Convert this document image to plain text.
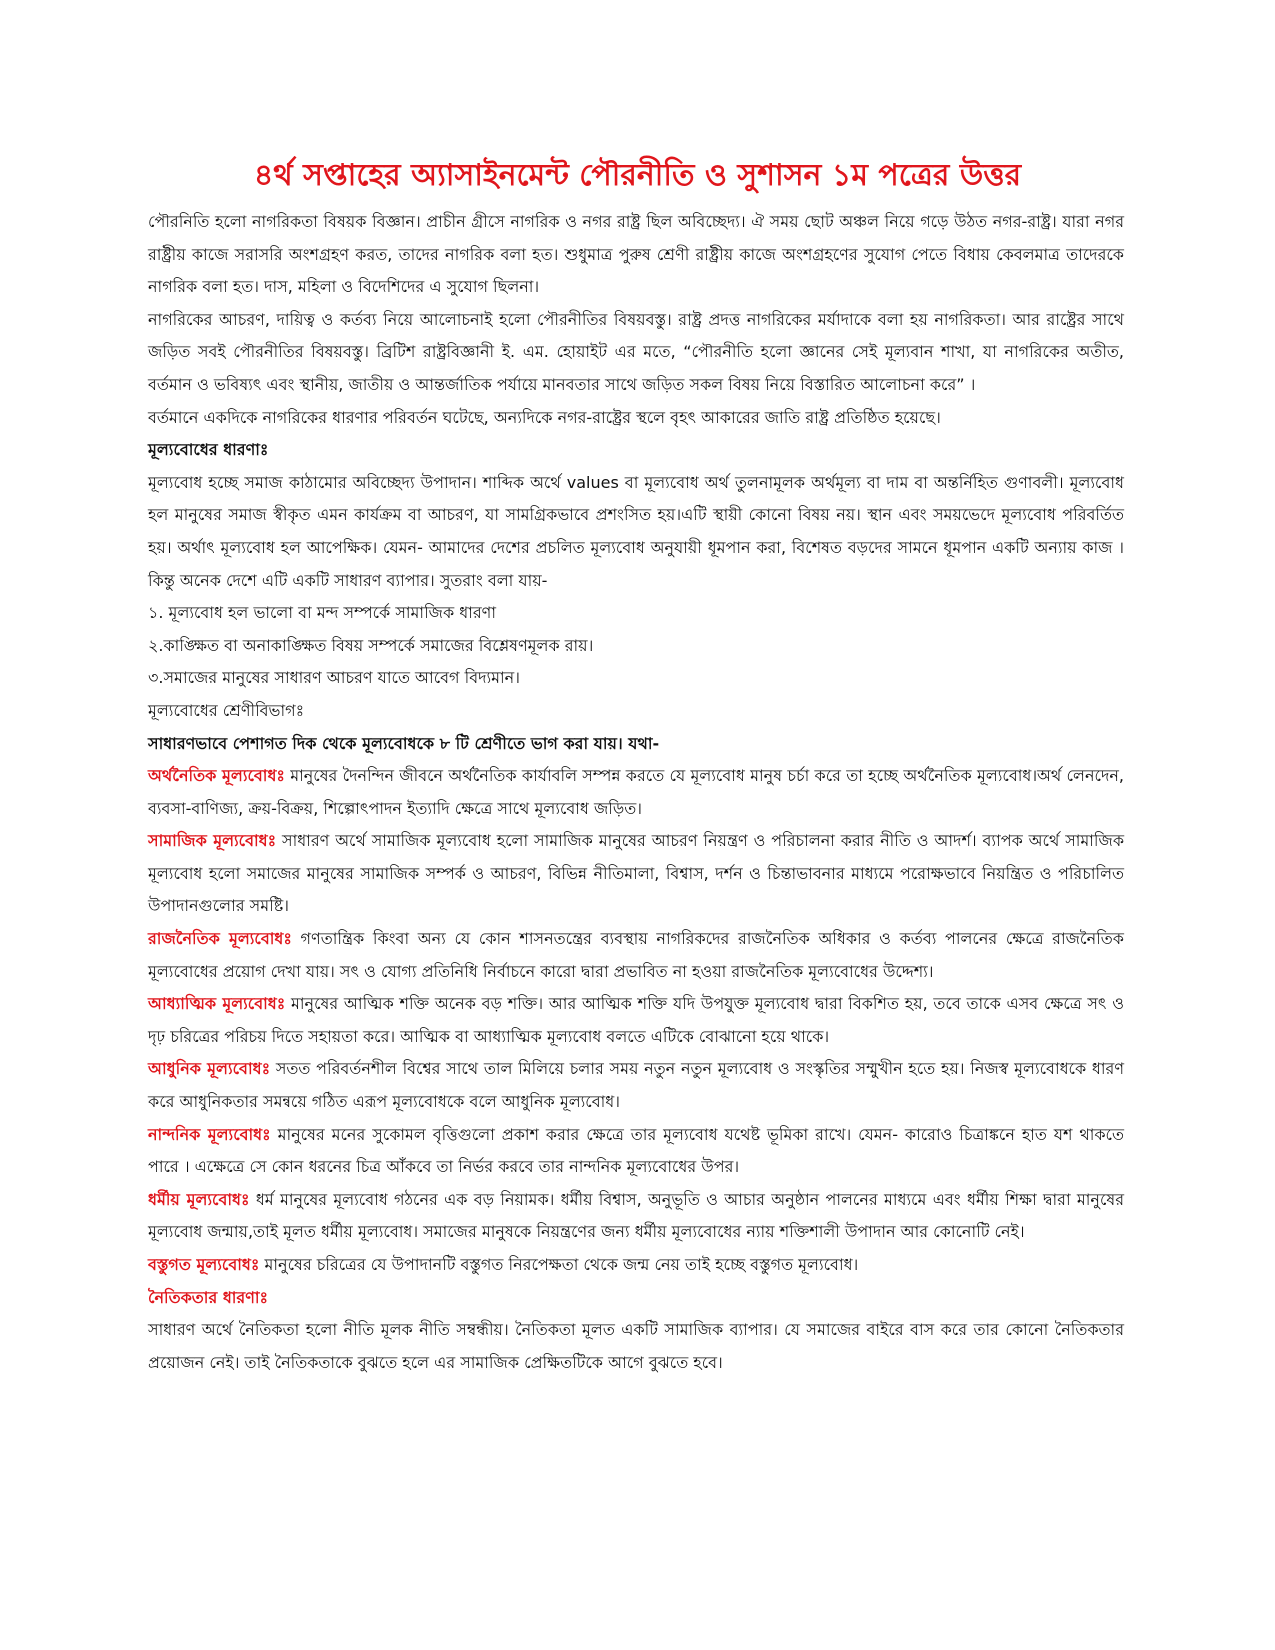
৪র্থ সপ্তাহের অ্যাসাইনমেন্ট পৌরনীতি ও সুশাসন ১ম পত্রের উত্তর

পৌরনিতি হলো নাগরিকতা বিষয়ক বিজ্ঞান। প্রাচীন গ্রীসে নাগরিক ও নগর রাষ্ট্র ছিল অবিচ্ছেদ্য। ঐ সময় ছোট অঞ্চল নিয়ে গড়ে উঠত নগর-রাষ্ট্র। যারা নগর রাষ্ট্রীয় কাজে সরাসরি অংশগ্রহণ করত, তাদের নাগরিক বলা হত। শুধুমাত্র পুরুষ শ্রেণী রাষ্ট্রীয় কাজে অংশগ্রহণের সুযোগ পেতে বিধায় কেবলমাত্র তাদেরকে নাগরিক বলা হত। দাস, মহিলা ও বিদেশিদের এ সুযোগ ছিলনা।

নাগরিকের আচরণ, দায়িত্ব ও কর্তব্য নিয়ে আলোচনাই হলো পৌরনীতির বিষয়বস্তু। রাষ্ট্র প্রদত্ত নাগরিকের মর্যাদাকে বলা হয় নাগরিকতা। আর রাষ্ট্রের সাথে জড়িত সবই পৌরনীতির বিষয়বস্তু। ব্রিটিশ রাষ্ট্রবিজ্ঞানী ই. এম. হোয়াইট এর মতে, “পৌরনীতি হলো জ্ঞানের সেই মূল্যবান শাখা, যা নাগরিকের অতীত, বর্তমান ও ভবিষ্যৎ এবং স্থানীয়, জাতীয় ও আন্তর্জাতিক পর্যায়ে মানবতার সাথে জড়িত সকল বিষয় নিয়ে বিস্তারিত আলোচনা করে” ।

বর্তমানে একদিকে নাগরিকের ধারণার পরিবর্তন ঘটেছে, অন্যদিকে নগর-রাষ্ট্রের স্থলে বৃহৎ আকারের জাতি রাষ্ট্র প্রতিষ্ঠিত হয়েছে।

মূল্যবোধের ধারণাঃ

মূল্যবোধ হচ্ছে সমাজ কাঠামোর অবিচ্ছেদ্য উপাদান। শাব্দিক অর্থে values বা মূল্যবোধ অর্থ তুলনামূলক অর্থমূল্য বা দাম বা অন্তর্নিহিত গুণাবলী। মূল্যবোধ হল মানুষের সমাজ স্বীকৃত এমন কার্যক্রম বা আচরণ, যা সামগ্রিকভাবে প্রশংসিত হয়।এটি স্থায়ী কোনো বিষয় নয়। স্থান এবং সময়ভেদে মূল্যবোধ পরিবর্তিত হয়। অর্থাৎ মূল্যবোধ হল আপেক্ষিক। যেমন- আমাদের দেশের প্রচলিত মূল্যবোধ অনুযায়ী ধূমপান করা, বিশেষত বড়দের সামনে ধূমপান একটি অন্যায় কাজ । কিন্তু অনেক দেশে এটি একটি সাধারণ ব্যাপার। সুতরাং বলা যায়-

১. মূল্যবোধ হল ভালো বা মন্দ সম্পর্কে সামাজিক ধারণা

২.কাঙ্ক্ষিত বা অনাকাঙ্ক্ষিত বিষয় সম্পর্কে সমাজের বিশ্লেষণমূলক রায়।

৩.সমাজের মানুষের সাধারণ আচরণ যাতে আবেগ বিদ্যমান।

মূল্যবোধের শ্রেণীবিভাগঃ

সাধারণভাবে পেশাগত দিক থেকে মূল্যবোধকে ৮ টি শ্রেণীতে ভাগ করা যায়। যথা-

অর্থনৈতিক মূল্যবোধঃ মানুষের দৈনন্দিন জীবনে অর্থনৈতিক কার্যাবলি সম্পন্ন করতে যে মূল্যবোধ মানুষ চর্চা করে তা হচ্ছে অর্থনৈতিক মূল্যবোধ।অর্থ লেনদেন, ব্যবসা-বাণিজ্য, ক্রয়-বিক্রয়, শিল্পোৎপাদন ইত্যাদি ক্ষেত্রে সাথে মূল্যবোধ জড়িত।

সামাজিক মূল্যবোধঃ সাধারণ অর্থে সামাজিক মূল্যবোধ হলো সামাজিক মানুষের আচরণ নিয়ন্ত্রণ ও পরিচালনা করার নীতি ও আদর্শ। ব্যাপক অর্থে সামাজিক মূল্যবোধ হলো সমাজের মানুষের সামাজিক সম্পর্ক ও আচরণ, বিভিন্ন নীতিমালা, বিশ্বাস, দর্শন ও চিন্তাভাবনার মাধ্যমে পরোক্ষভাবে নিয়ন্ত্রিত ও পরিচালিত উপাদানগুলোর সমষ্টি।

রাজনৈতিক মূল্যবোধঃ গণতান্ত্রিক কিংবা অন্য যে কোন শাসনতন্ত্রের ব্যবস্থায় নাগরিকদের রাজনৈতিক অধিকার ও কর্তব্য পালনের ক্ষেত্রে রাজনৈতিক মূল্যবোধের প্রয়োগ দেখা যায়। সৎ ও যোগ্য প্রতিনিধি নির্বাচনে কারো দ্বারা প্রভাবিত না হওয়া রাজনৈতিক মূল্যবোধের উদ্দেশ্য।

আধ্যাত্মিক মূল্যবোধঃ মানুষের আত্মিক শক্তি অনেক বড় শক্তি। আর আত্মিক শক্তি যদি উপযুক্ত মূল্যবোধ দ্বারা বিকশিত হয়, তবে তাকে এসব ক্ষেত্রে সৎ ও দৃঢ় চরিত্রের পরিচয় দিতে সহায়তা করে। আত্মিক বা আধ্যাত্মিক মূল্যবোধ বলতে এটিকে বোঝানো হয়ে থাকে।

আধুনিক মূল্যবোধঃ সতত পরিবর্তনশীল বিশ্বের সাথে তাল মিলিয়ে চলার সময় নতুন নতুন মূল্যবোধ ও সংস্কৃতির সম্মুখীন হতে হয়। নিজস্ব মূল্যবোধকে ধারণ করে আধুনিকতার সমন্বয়ে গঠিত এরূপ মূল্যবোধকে বলে আধুনিক মূল্যবোধ।

নান্দনিক মূল্যবোধঃ মানুষের মনের সুকোমল বৃত্তিগুলো প্রকাশ করার ক্ষেত্রে তার মূল্যবোধ যথেষ্ট ভূমিকা রাখে। যেমন- কারোও চিত্রাঙ্কনে হাত যশ থাকতে পারে । এক্ষেত্রে সে কোন ধরনের চিত্র আঁকবে তা নির্ভর করবে তার নান্দনিক মূল্যবোধের উপর।

ধর্মীয় মূল্যবোধঃ ধর্ম মানুষের মূল্যবোধ গঠনের এক বড় নিয়ামক। ধর্মীয় বিশ্বাস, অনুভূতি ও আচার অনুষ্ঠান পালনের মাধ্যমে এবং ধর্মীয় শিক্ষা দ্বারা মানুষের মূল্যবোধ জন্মায়,তাই মূলত ধর্মীয় মূল্যবোধ। সমাজের মানুষকে নিয়ন্ত্রণের জন্য ধর্মীয় মূল্যবোধের ন্যায় শক্তিশালী উপাদান আর কোনোটি নেই।

বস্তুগত মূল্যবোধঃ মানুষের চরিত্রের যে উপাদানটি বস্তুগত নিরপেক্ষতা থেকে জন্ম নেয় তাই হচ্ছে বস্তুগত মূল্যবোধ।

নৈতিকতার ধারণাঃ

সাধারণ অর্থে নৈতিকতা হলো নীতি মূলক নীতি সম্বন্ধীয়। নৈতিকতা মূলত একটি সামাজিক ব্যাপার। যে সমাজের বাইরে বাস করে তার কোনো নৈতিকতার প্রয়োজন নেই। তাই নৈতিকতাকে বুঝতে হলে এর সামাজিক প্রেক্ষিতটিকে আগে বুঝতে হবে।
